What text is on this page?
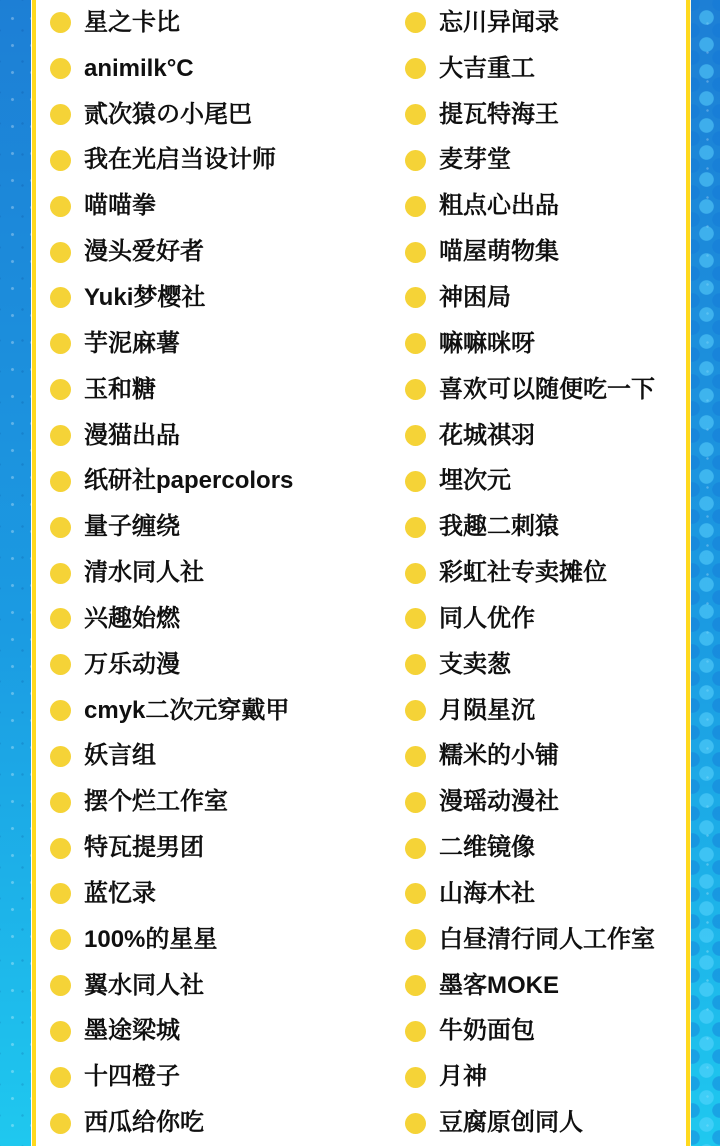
星之卡比	忘川异闻录
animilk°C	大吉重工
贰次猿の小尾巴	提瓦特海王
我在光启当设计师	麦芽堂
喵喵拳	粗点心出品
漫头爱好者	喵屋萌物集
Yuki梦樱社	神困局
芋泥麻薯	嘛嘛咪呀
玉和糖	喜欢可以随便吃一下
漫猫出品	花城祺羽
纸研社papercolors	埋次元
量子缠绕	我趣二刺猿
清水同人社	彩虹社专卖摊位
兴趣始燃	同人优作
万乐动漫	支卖葱
cmyk二次元穿戴甲	月陨星沉
妖言组	糯米的小铺
摆个烂工作室	漫瑶动漫社
特瓦提男团	二维镜像
蓝忆录	山海木社
100%的星星	白昼清行同人工作室
翼水同人社	墨客MOKE
墨途梁城	牛奶面包
十四橙子	月神
西瓜给你吃	豆腐原创同人
